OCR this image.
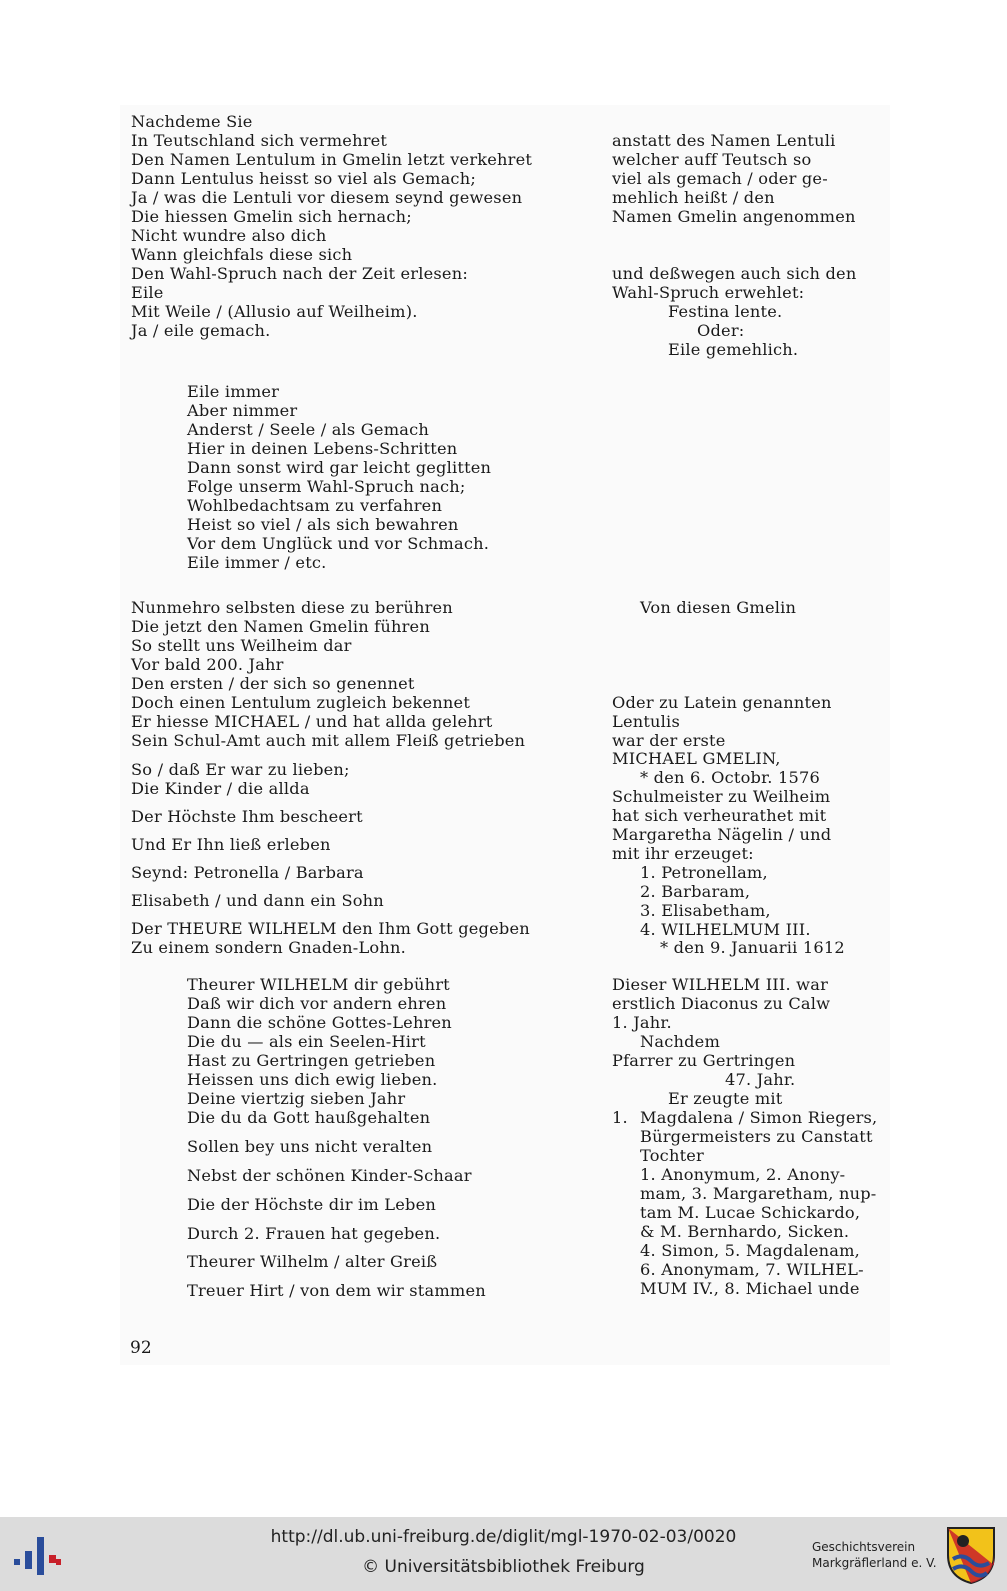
Nachdeme Sie
In Teutschland sich vermehret
Den Namen Lentulum in Gmelin letzt verkehret
Dann Lentulus heisst so viel als Gemach;
Ja / was die Lentuli vor diesem seynd gewesen
Die hiessen Gmelin sich hernach;
Nicht wundre also dich
Wann gleichfals diese sich
Den Wahl-Spruch nach der Zeit erlesen:
Eile
Mit Weile / (Allusio auf Weilheim).
Ja / eile gemach.
Eile immer
Aber nimmer
Anderst / Seele / als Gemach
Hier in deinen Lebens-Schritten
Dann sonst wird gar leicht geglitten
Folge unserm Wahl-Spruch nach;
Wohlbedachtsam zu verfahren
Heist so viel / als sich bewahren
Vor dem Unglück und vor Schmach.
Eile immer / etc.
Nunmehro selbsten diese zu berühren
Die jetzt den Namen Gmelin führen
So stellt uns Weilheim dar
Vor bald 200. Jahr
Den ersten / der sich so genennet
Doch einen Lentulum zugleich bekennet
Er hiesse MICHAEL / und hat allda gelehrt
Sein Schul-Amt auch mit allem Fleiß getrieben
So / daß Er war zu lieben;
Die Kinder / die allda
Der Höchste Ihm bescheert
Und Er Ihn ließ erleben
Seynd: Petronella / Barbara
Elisabeth / und dann ein Sohn
Der THEURE WILHELM den Ihm Gott gegeben
Zu einem sondern Gnaden-Lohn.
Theurer WILHELM dir gebührt
Daß wir dich vor andern ehren
Dann die schöne Gottes-Lehren
Die du — als ein Seelen-Hirt
Hast zu Gertringen getrieben
Heissen uns dich ewig lieben.
Deine viertzig sieben Jahr
Die du da Gott haußgehalten
Sollen bey uns nicht veralten
Nebst der schönen Kinder-Schaar
Die der Höchste dir im Leben
Durch 2. Frauen hat gegeben.
Theurer Wilhelm / alter Greiß
Treuer Hirt / von dem wir stammen
anstatt des Namen Lentuli
welcher auff Teutsch so
viel als gemach / oder ge-
mehlich heißt / den
Namen Gmelin angenommen
und deßwegen auch sich den
Wahl-Spruch erwehlet:
Festina lente.
Oder:
Eile gemehlich.
Von diesen Gmelin
Oder zu Latein genannten
Lentulis
war der erste
MICHAEL GMELIN,
* den 6. Octobr. 1576
Schulmeister zu Weilheim
hat sich verheurathet mit
Margaretha Nägelin / und
mit ihr erzeuget:
1. Petronellam,
2. Barbaram,
3. Elisabetham,
4. WILHELMUM III.
* den 9. Januarii 1612
Dieser WILHELM III. war
erstlich Diaconus zu Calw
1. Jahr.
Nachdem
Pfarrer zu Gertringen
47. Jahr.
Er zeugte mit
1. Magdalena / Simon Riegers,
Bürgermeisters zu Canstatt
Tochter
1. Anonymum, 2. Anony-
mam, 3. Margaretham, nup-
tam M. Lucae Schickardo,
& M. Bernhardo, Sicken.
4. Simon, 5. Magdalenam,
6. Anonymam, 7. WILHEL-
MUM IV., 8. Michael unde
92
http://dl.ub.uni-freiburg.de/diglit/mgl-1970-02-03/0020
© Universitätsbibliothek Freiburg
Geschichtsverein
Markgräflerland e. V.
